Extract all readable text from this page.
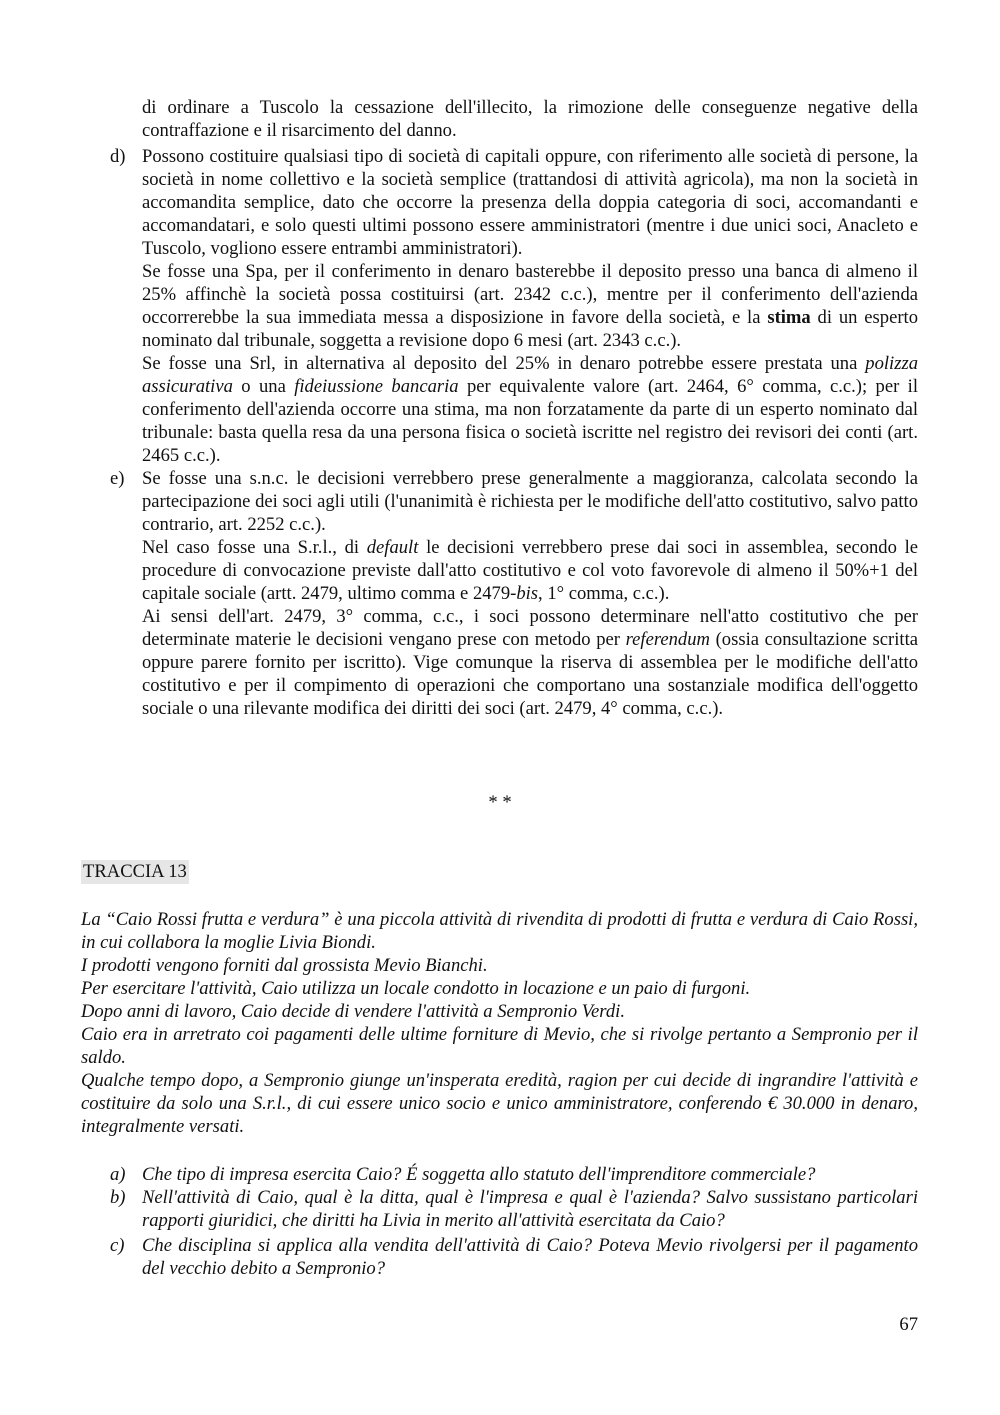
di ordinare a Tuscolo la cessazione dell'illecito, la rimozione delle conseguenze negative della contraffazione e il risarcimento del danno.

d) Possono costituire qualsiasi tipo di società di capitali oppure, con riferimento alle società di persone, la società in nome collettivo e la società semplice (trattandosi di attività agricola), ma non la società in accomandita semplice, dato che occorre la presenza della doppia categoria di soci, accomandanti e accomandatari, e solo questi ultimi possono essere amministratori (mentre i due unici soci, Anacleto e Tuscolo, vogliono essere entrambi amministratori).

Se fosse una Spa, per il conferimento in denaro basterebbe il deposito presso una banca di almeno il 25% affinchè la società possa costituirsi (art. 2342 c.c.), mentre per il conferimento dell'azienda occorrerebbe la sua immediata messa a disposizione in favore della società, e la stima di un esperto nominato dal tribunale, soggetta a revisione dopo 6 mesi (art. 2343 c.c.).

Se fosse una Srl, in alternativa al deposito del 25% in denaro potrebbe essere prestata una polizza assicurativa o una fideiussione bancaria per equivalente valore (art. 2464, 6° comma, c.c.); per il conferimento dell'azienda occorre una stima, ma non forzatamente da parte di un esperto nominato dal tribunale: basta quella resa da una persona fisica o società iscritte nel registro dei revisori dei conti (art. 2465 c.c.).

e) Se fosse una s.n.c. le decisioni verrebbero prese generalmente a maggioranza, calcolata secondo la partecipazione dei soci agli utili (l'unanimità è richiesta per le modifiche dell'atto costitutivo, salvo patto contrario, art. 2252 c.c.).

Nel caso fosse una S.r.l., di default le decisioni verrebbero prese dai soci in assemblea, secondo le procedure di convocazione previste dall'atto costitutivo e col voto favorevole di almeno il 50%+1 del capitale sociale (artt. 2479, ultimo comma e 2479-bis, 1° comma, c.c.).

Ai sensi dell'art. 2479, 3° comma, c.c., i soci possono determinare nell'atto costitutivo che per determinate materie le decisioni vengano prese con metodo per referendum (ossia consultazione scritta oppure parere fornito per iscritto). Vige comunque la riserva di assemblea per le modifiche dell'atto costitutivo e per il compimento di operazioni che comportano una sostanziale modifica dell'oggetto sociale o una rilevante modifica dei diritti dei soci (art. 2479, 4° comma, c.c.).

* *
TRACCIA 13

La “Caio Rossi frutta e verdura” è una piccola attività di rivendita di prodotti di frutta e verdura di Caio Rossi, in cui collabora la moglie Livia Biondi.

I prodotti vengono forniti dal grossista Mevio Bianchi.

Per esercitare l'attività, Caio utilizza un locale condotto in locazione e un paio di furgoni.

Dopo anni di lavoro, Caio decide di vendere l'attività a Sempronio Verdi.

Caio era in arretrato coi pagamenti delle ultime forniture di Mevio, che si rivolge pertanto a Sempronio per il saldo.

Qualche tempo dopo, a Sempronio giunge un'insperata eredità, ragion per cui decide di ingrandire l'attività e costituire da solo una S.r.l., di cui essere unico socio e unico amministratore, conferendo € 30.000 in denaro, integralmente versati.

a) Che tipo di impresa esercita Caio? É soggetta allo statuto dell'imprenditore commerciale?

b) Nell'attività di Caio, qual è la ditta, qual è l'impresa e qual è l'azienda? Salvo sussistano particolari rapporti giuridici, che diritti ha Livia in merito all'attività esercitata da Caio?

c) Che disciplina si applica alla vendita dell'attività di Caio? Poteva Mevio rivolgersi per il pagamento del vecchio debito a Sempronio?

67
